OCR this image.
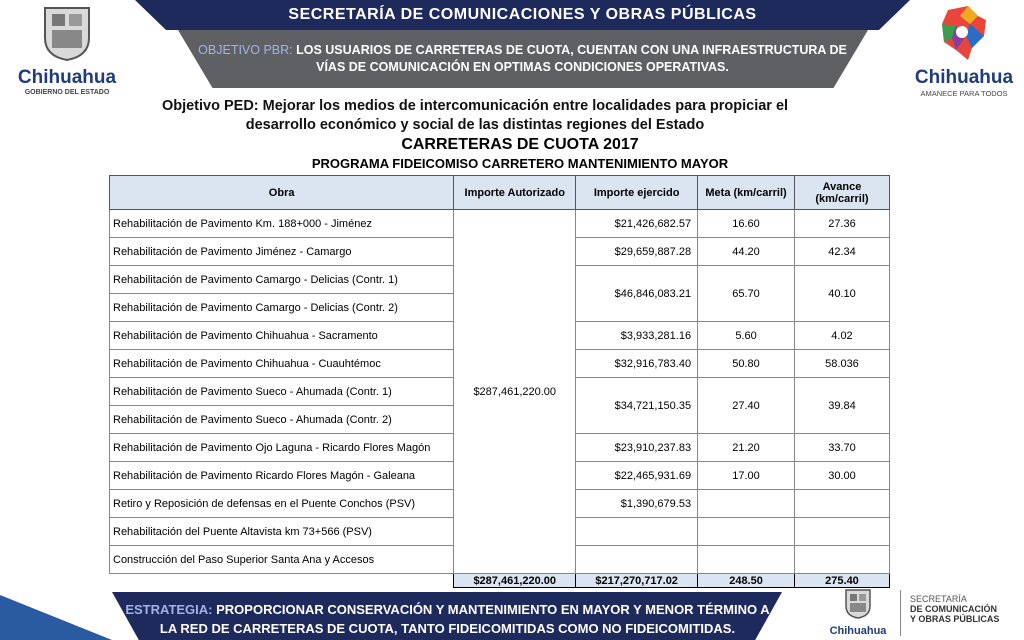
SECRETARÍA DE COMUNICACIONES Y OBRAS PÚBLICAS
OBJETIVO PBR: LOS USUARIOS DE CARRETERAS DE CUOTA, CUENTAN CON UNA INFRAESTRUCTURA DE VÍAS DE COMUNICACIÓN EN OPTIMAS CONDICIONES OPERATIVAS.
Chihuahua
GOBIERNO DEL ESTADO
Chihuahua
AMANECE PARA TODOS
Objetivo PED: Mejorar los medios de intercomunicación entre localidades para propiciar el desarrollo económico y social de las distintas regiones del Estado
CARRETERAS DE CUOTA 2017
PROGRAMA FIDEICOMISO CARRETERO MANTENIMIENTO MAYOR
Obra	Importe Autorizado	Importe ejercido	Meta (km/carril)	Avance (km/carril)
Rehabilitación de Pavimento Km. 188+000 - Jiménez	$287,461,220.00	$21,426,682.57	16.60	27.36
Rehabilitación de Pavimento Jiménez - Camargo		$29,659,887.28	44.20	42.34
Rehabilitación de Pavimento Camargo - Delicias (Contr. 1)		$46,846,083.21	65.70	40.10
Rehabilitación de Pavimento Camargo - Delicias (Contr. 2)				
Rehabilitación de Pavimento Chihuahua - Sacramento		$3,933,281.16	5.60	4.02
Rehabilitación de Pavimento Chihuahua - Cuauhtémoc		$32,916,783.40	50.80	58.036
Rehabilitación de Pavimento Sueco - Ahumada (Contr. 1)		$34,721,150.35	27.40	39.84
Rehabilitación de Pavimento Sueco - Ahumada (Contr. 2)				
Rehabilitación de Pavimento Ojo Laguna - Ricardo Flores Magón		$23,910,237.83	21.20	33.70
Rehabilitación de Pavimento Ricardo Flores Magón - Galeana		$22,465,931.69	17.00	30.00
Retiro y Reposición de defensas en el Puente Conchos (PSV)		$1,390,679.53		
Rehabilitación del Puente Altavista km 73+566 (PSV)				
Construcción del Paso Superior Santa Ana y Accesos				
	$287,461,220.00	$217,270,717.02	248.50	275.40
ESTRATEGIA: PROPORCIONAR CONSERVACIÓN Y MANTENIMIENTO EN MAYOR Y MENOR TÉRMINO A LA RED DE CARRETERAS DE CUOTA, TANTO FIDEICOMITIDAS COMO NO FIDEICOMITIDAS.	Chihuahua
SECRETARÍA
DE COMUNICACIÓN
Y OBRAS PÚBLICAS
